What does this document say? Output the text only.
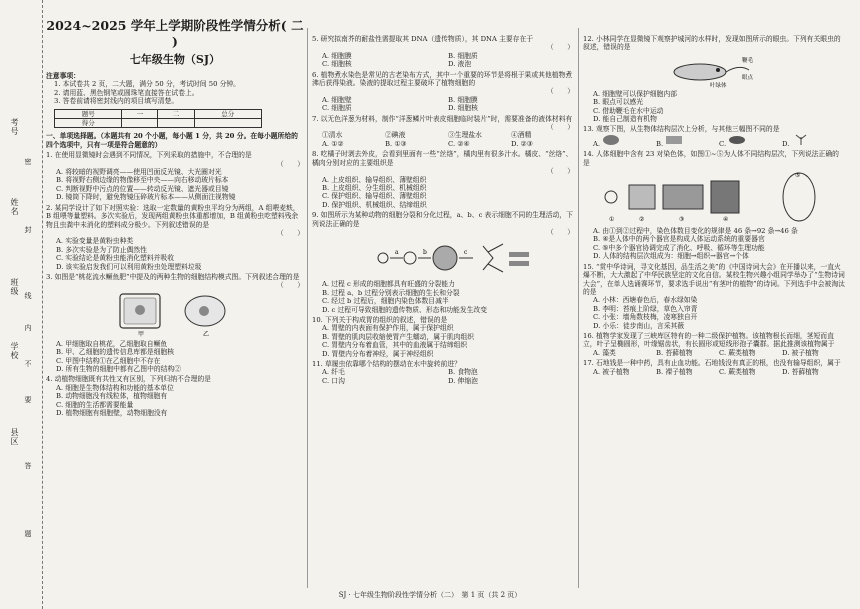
考号
姓名
班级
学校
县区
密
封
线
内
不
要
答
题

2024~2025 学年上学期阶段性学情分析( 二 )

七年级生物（SJ）

注意事项：

1. 本试卷共 2 页，二大题，满分 50 分，考试时间 50 分钟。

2. 请用蓝、黑色钢笔或圆珠笔直接答在试卷上。

3. 答卷前请将密封线内的项目填写清楚。

题号	一	二	总分
得分			

一、单项选择题。（本题共有 20 个小题，每小题 1 分，共 20 分。在每小题所给的四个选项中，只有一项是符合题意的）

1. 在使用显微镜时会遇到不同情况，下列采取的措施中，不合理的是

（　　）

A. 将较暗的视野调亮——使用凹面反光镜、大光圈对光

B. 将视野右侧边缘的物像移至中央——向右移动玻片标本

C. 判断视野中污点的位置——转动反光镜、遮光器或目镜

D. 镜筒下降时，避免物镜压碎玻片标本——从侧面注视物镜

2. 某同学设计了如下对照实验：选取一定数量的黄粉虫平均分为两组，A 组喂麦麸，B 组喂等量塑料。多次实验后，发现两组黄粉虫体重都增加，B 组黄粉虫吃塑料残余物且虫粪中未消化的塑料成分极少。下列叙述错误的是

（　　）

A. 实验变量是黄粉虫种类

B. 多次实验是为了防止偶然性

C. 实验结论是黄粉虫能消化塑料并吸收

D. 该实验启发我们可以利用黄粉虫处理塑料垃圾

3. 如图是“桃花流水鳜鱼肥”中提及的两种生物的细胞结构模式图。下列叙述合理的是

（　　）

甲	乙

A. 甲细胞取自桃花，乙细胞取自鳜鱼

B. 甲、乙细胞的遗传信息库都是细胞核

C. 甲图中结构①在乙细胞中不存在

D. 所有生物的细胞中都有乙图中的结构②

4. 动植物细胞既有共性又有区别，下列归纳不合理的是

A. 细胞是生物体结构和功能的基本单位

B. 动物细胞没有线粒体，植物细胞有

C. 细胞的生活都需要能量

D. 植物细胞有细胞壁，动物细胞没有

5. 研究拟南芥的耐盐性需提取其 DNA（遗传物质），其 DNA 主要存在于

（　　）

A. 细胞膜	B. 细胞质
C. 细胞核	D. 液泡

6. 植物煮水染色是常见的古老染布方式，其中一个重要的环节是将根于果或其他植物煮沸后获得染液。染液的提取过程主要破坏了植物细胞的

（　　）

A. 细胞壁	B. 细胞膜
C. 细胞质	D. 细胞核

7. 以无色洋葱为材料，制作“洋葱鳞片叶表皮细胞临时装片”时，需要准备的液体材料有

（　　）

①清水	②碘液	③生理盐水	④酒精
A. ①②	B. ①③	C. ②④	D. ②③

8. 吃橘子时剥去外皮，会看到里面有一些“丝络”，橘肉里有很多汁水。橘皮、“丝络”、橘肉分别对应的主要组织是

（　　）

A. 上皮组织、输导组织、薄壁组织

B. 上皮组织、分生组织、机械组织

C. 保护组织、输导组织、薄壁组织

D. 保护组织、机械组织、结缔组织

9. 如图所示为某种动物的细胞分裂和分化过程，a、b、c 表示细胞不同的生理活动，下列说法正确的是

（　　）

a	b	c

A. 过程 c 形成的细胞都具有旺盛的分裂能力

B. 过程 a、b 过程分别表示细胞的生长和分裂

C. 经过 b 过程后，细胞内染色体数目减半

D. c 过程可导致细胞的遗传物质、形态和功能发生改变

10. 下列关于构成胃的组织的叙述，错误的是

A. 胃壁的内表面有保护作用，属于保护组织

B. 胃壁的肌肉层收缩使胃产生蠕动，属于肌肉组织

C. 胃壁内分布着血管，其中的血液属于结缔组织

D. 胃壁内分布着神经，属于神经组织

11. 草履虫依靠哪个结构的摆动在水中旋转前进？

A. 纤毛	B. 食物泡
C. 口沟	D. 伸缩泡

12. 小林同学在显微镜下观察护城河的水样时，发现如图所示的眼虫。下列有关眼虫的叙述，错误的是

鞭毛
眼点
叶绿体

A. 细胞壁可以保护细胞内部

B. 眼点可以感光

C. 借助鞭毛在水中运动

D. 能自己制造有机物

13. 观察下图，从生物体结构层次上分析，与其他三幅图不同的是

A.	B.	C.	D.

14. 人体细胞中含有 23 对染色体，如图①~⑤为人体不同结构层次，下列说法正确的是

①	②	③	④
⑤

A. 由①到②过程中，染色体数目变化的规律是 46 条→92 条→46 条

B. ④是人体中的两个器官是构成人体运动系统的重要器官

C. ⑤中多个器官协调完成了消化、呼吸、循环等生理功能

D. 人体的结构层次组成为：细胞→组织→器官→个体

15. “赏中华诗词，寻文化基因，品生活之美”的《中国诗词大会》在开播以来，一直火爆不断，大大激起了中华民族坚定的文化自信。某校生物兴趣小组同学举办了“生物诗词大会”，在单人选诵赛环节，要求选手说出“有茎叶的植物”的诗词。下列选手中会被淘汰的是

A. 小林：西塘春色后，春水绿如染

B. 李明：苔痕上阶绿，草色入帘青

C. 小张：墙角数枝梅，凌寒独自开

D. 小乐：徒步南山，言采其薇

16. 植物学家发现了三峡库区特有的一种二级保护植物。该植物根长而细，茎短而直立，叶子呈椭圆形，叶缘锯齿状，有长圆形或短线形孢子囊群。据此推测该植物属于

A. 藻类	B. 苔藓植物	C. 蕨类植物	D. 被子植物

17. 石地钱是一种中药，具有止血功能。石地钱没有真正的根，也没有输导组织，属于

A. 被子植物	B. 裸子植物	C. 蕨类植物	D. 苔藓植物
SJ · 七年级生物阶段性学情分析（二）　第 1 页（共 2 页）
